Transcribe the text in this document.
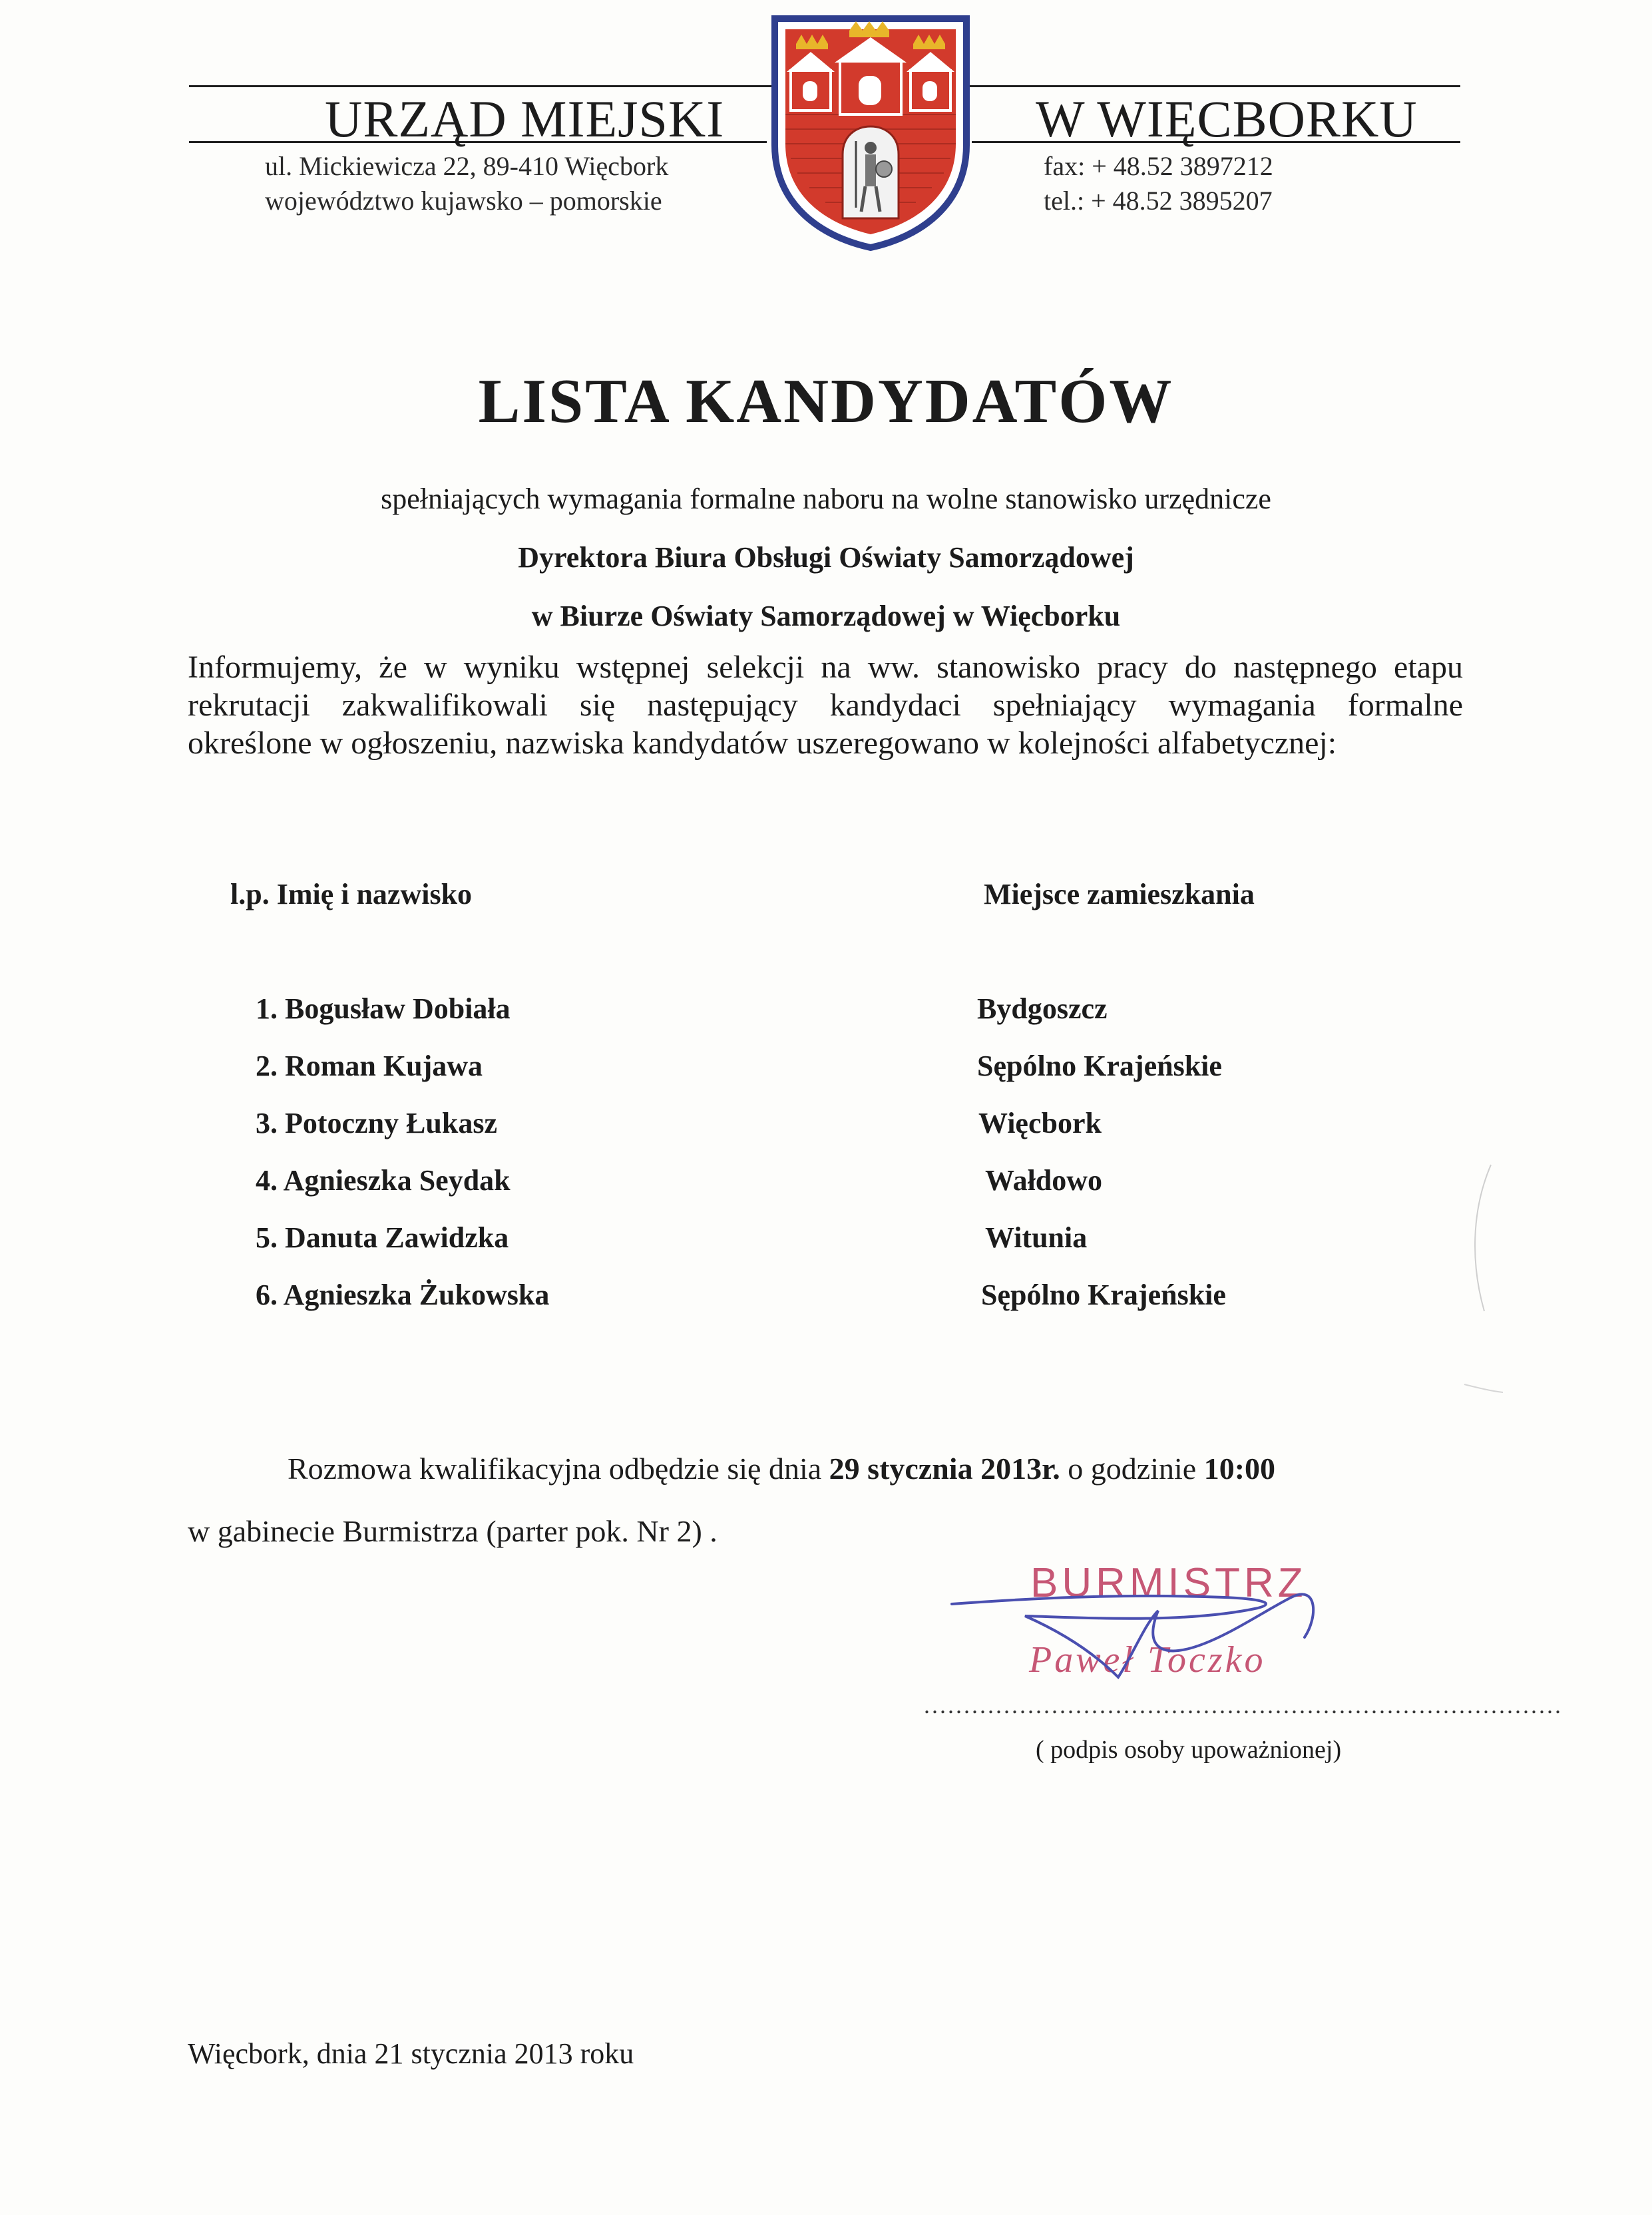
URZĄD MIEJSKI	W WIĘCBORKU
ul. Mickiewicza 22, 89-410 Więcbork
województwo kujawsko – pomorskie
fax: + 48.52 3897212
tel.: + 48.52 3895207
LISTA KANDYDATÓW
spełniających wymagania formalne naboru na wolne stanowisko urzędnicze
Dyrektora Biura Obsługi Oświaty Samorządowej
w Biurze Oświaty Samorządowej w Więcborku
Informujemy, że w wyniku wstępnej selekcji na ww. stanowisko pracy do następnego etapu
rekrutacji zakwalifikowali się następujący kandydaci spełniający wymagania formalne
określone w ogłoszeniu, nazwiska kandydatów uszeregowano w kolejności alfabetycznej:
l.p. Imię i nazwisko	Miejsce zamieszkania
1. Bogusław Dobiała	Bydgoszcz
2. Roman Kujawa	Sępólno Krajeńskie
3. Potoczny Łukasz	Więcbork
4. Agnieszka Seydak	Wałdowo
5. Danuta Zawidzka	Witunia
6. Agnieszka Żukowska	Sępólno Krajeńskie
Rozmowa kwalifikacyjna odbędzie się dnia 29 stycznia 2013r. o godzinie 10:00
w gabinecie Burmistrza (parter pok. Nr 2) .
BURMISTRZ
Paweł Toczko
................................................................................
( podpis osoby upoważnionej)
Więcbork, dnia 21 stycznia 2013 roku
